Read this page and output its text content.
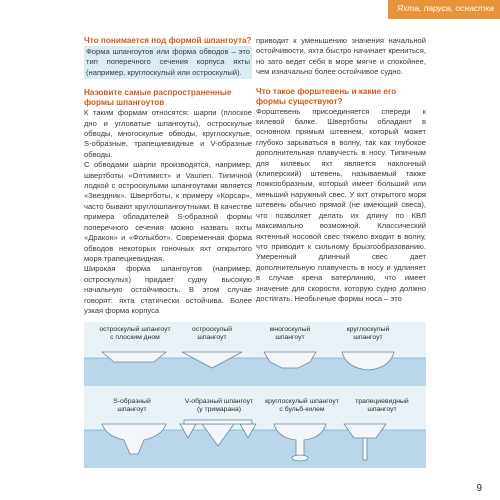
Яхта, парусa, оснастка

Что понимается под формой шпангоута?

Форма шпангоутов или форма обводов – это тип поперечного сечения корпуса яхты (например, круглоскулый или остроскулый).

Назовите самые распространенные формы шпангоутов

К таким формам относятся: шарпи (плоское дно и угловатые шпангоуты), остроскулые обводы, многоскулые обводы, круглоскулые, S-образные, трапециевидные и V-образные обводы.

С обводами шарпи производятся, например, швертботы «Оптимист» и Vaurien. Типичной лодкой с остроскулыми шпангоутами является «Звездник». Швертботы, к примеру «Корсар», часто бывают круглошпангоутными. В качестве примера обладателей S-образной формы поперечного сечения можно назвать яхты «Дракон» и «Фолькбот». Современная форма обводов некоторых гоночных яхт открытого моря трапециевидная.

Широкая форма шпангоутов (например, остроскулых) придает судну высокую начальную остойчивость. В этом случае говорят: яхта статически остойчива. Более узкая форма корпуса

приводит к уменьшению значения начальной остойчивости, яхта быстро начинает крениться, но зато ведет себя в море мягче и спокойнее, чем изначально более остойчивое судно.

Что такое форштевень и какие его формы существуют?

Форштевень присоединяется спереди к килевой балке. Швертботы обладают в основном прямым штевнем, который может глубоко зарываться в волну, так как глубокое дополнительная плавучесть в носу. Типичным для килевых яхт является наклонный (клиперский) штевень, называемый также ложкообразным, который имеет больший или меньший наружный свес. У яхт открытого моря штевень обычно прямой (не имеющий свеса), что позволяет делать их длину по КВЛ максимально возможной. Классический яхтенный носовой свес тяжело входит в волну, что приводит к сильному брызгообразованию. Умеренный длинный свес дает дополнительную плавучесть в носу и удлиняет в случае крена ватерлинию, что имеет значение для скорости, которую судно должно достигать. Необычные формы носа – это

остроскулый шпангоут
с плоским дном
остроскулый
шпангоут
многоскулый
шпангоут
круглоскулый
шпангоут
S-образный
шпангоут
V-образный шпангоут
(у тримарана)
круглоскулый шпангоут
с бульб-килем
трапециевидный
шпангоут
9
